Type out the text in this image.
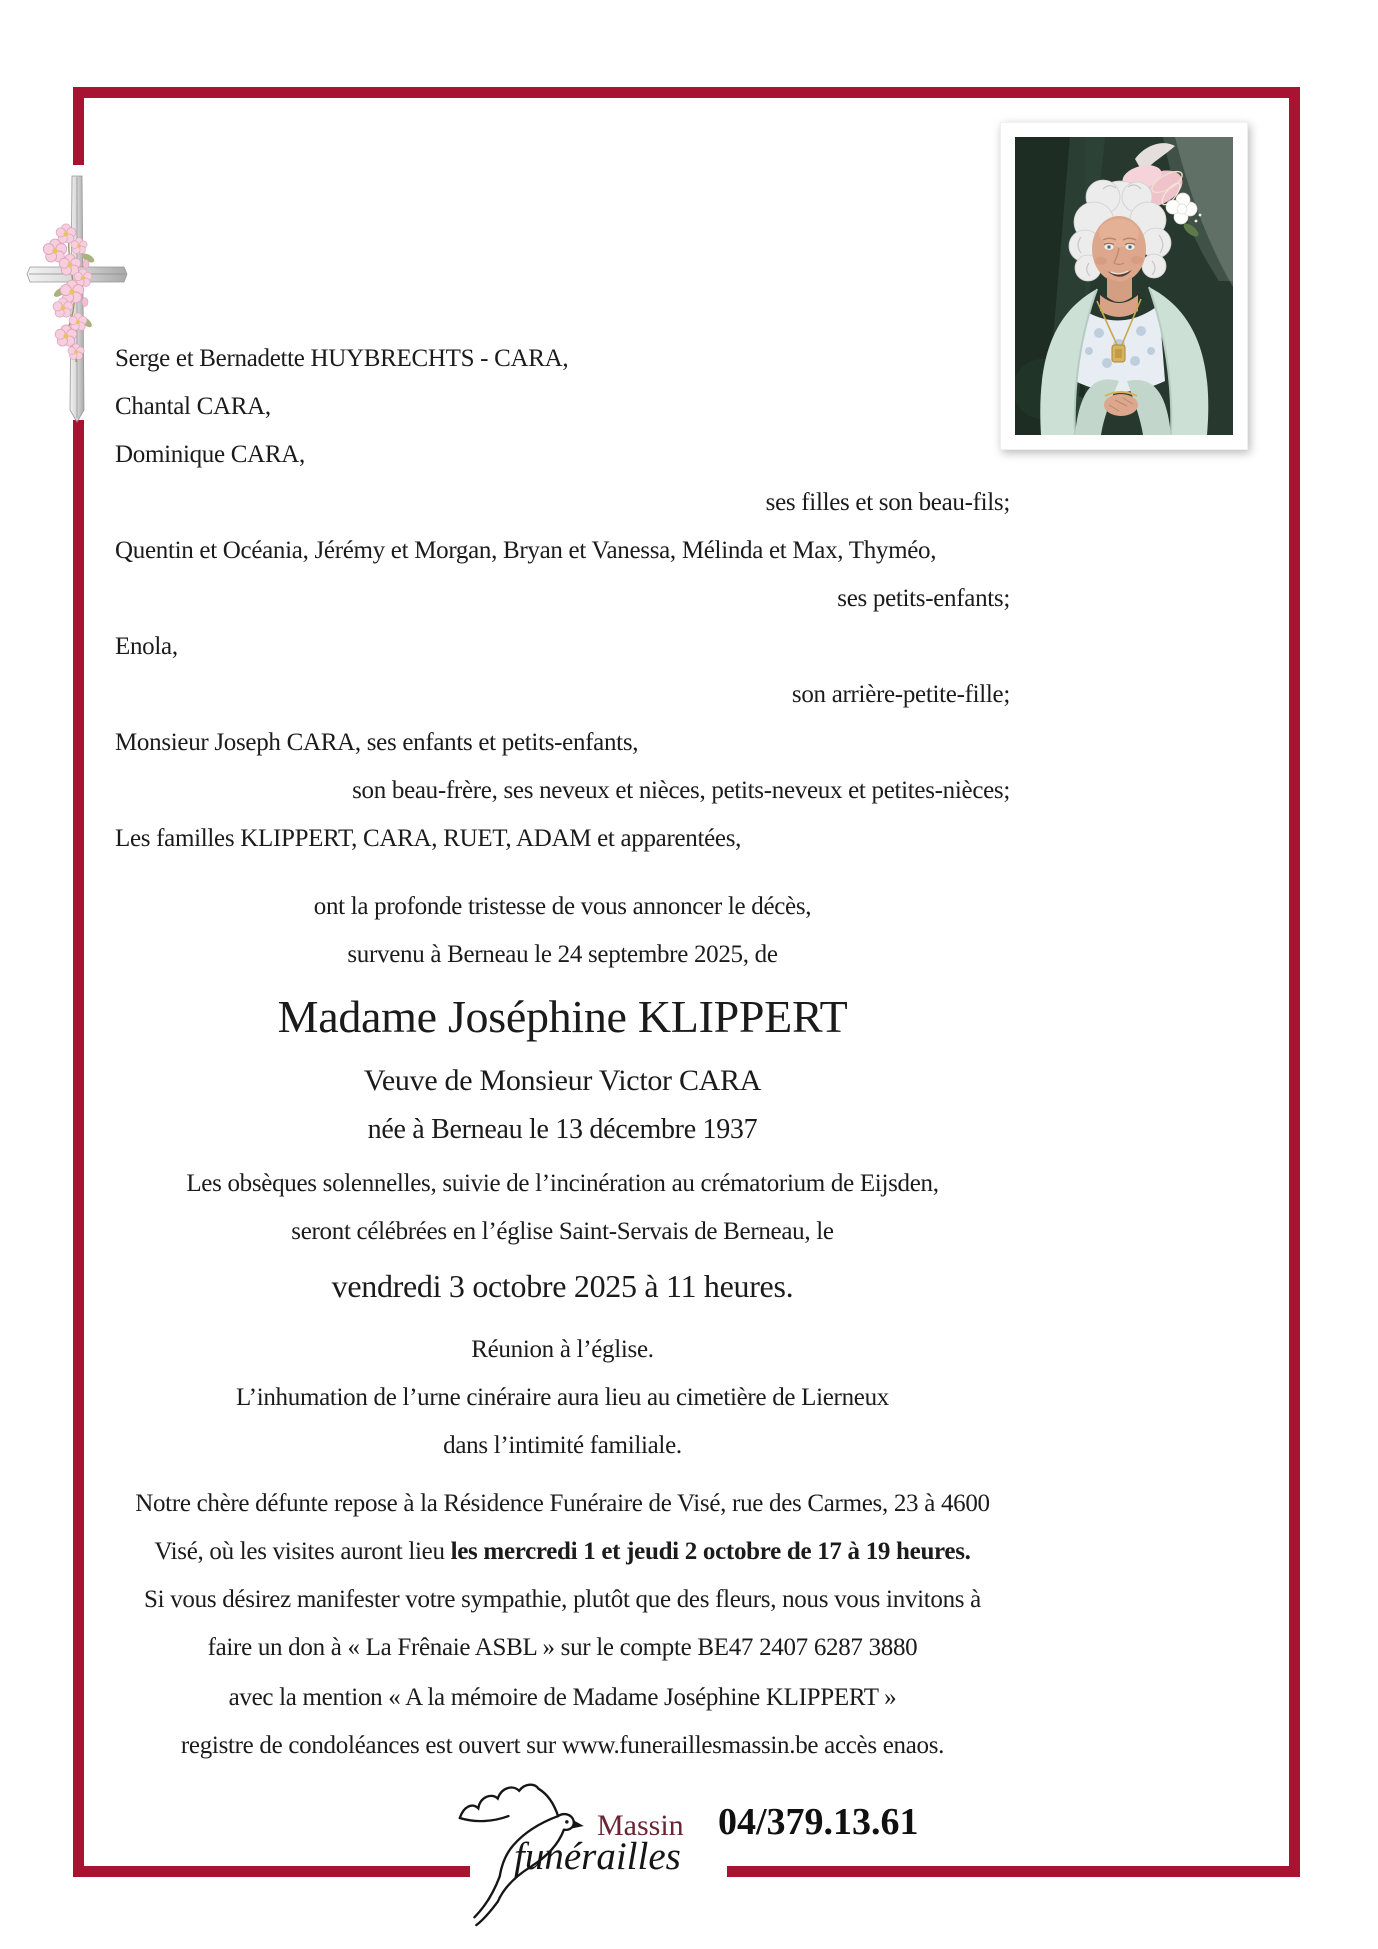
Serge et Bernadette HUYBRECHTS - CARA,
Chantal CARA,
Dominique CARA,
ses filles et son beau-fils;
Quentin et Océania, Jérémy et Morgan, Bryan et Vanessa, Mélinda et Max, Thyméo,
ses petits-enfants;
Enola,
son arrière-petite-fille;
Monsieur Joseph CARA, ses enfants et petits-enfants,
son beau-frère, ses neveux et nièces, petits-neveux et petites-nièces;
Les familles KLIPPERT, CARA, RUET, ADAM et apparentées,
ont la profonde tristesse de vous annoncer le décès,
survenu à Berneau le 24 septembre 2025, de
Madame Joséphine KLIPPERT
Veuve de Monsieur Victor CARA
née à Berneau le 13 décembre 1937
Les obsèques solennelles, suivie de l’incinération au crématorium de Eijsden,
seront célébrées en l’église Saint-Servais de Berneau, le
vendredi 3 octobre 2025 à 11 heures.
Réunion à l’église.
L’inhumation de l’urne cinéraire aura lieu au cimetière de Lierneux
dans l’intimité familiale.
Notre chère défunte repose à la Résidence Funéraire de Visé, rue des Carmes, 23 à 4600
Visé, où les visites auront lieu les mercredi 1 et jeudi 2 octobre de 17 à 19 heures.
Si vous désirez manifester votre sympathie, plutôt que des fleurs, nous vous invitons à
faire un don à « La Frênaie ASBL » sur le compte BE47 2407 6287 3880
avec la mention « A la mémoire de Madame Joséphine KLIPPERT »
registre de condoléances est ouvert sur www.funeraillesmassin.be accès enaos.
Massin
funérailles
04/379.13.61
